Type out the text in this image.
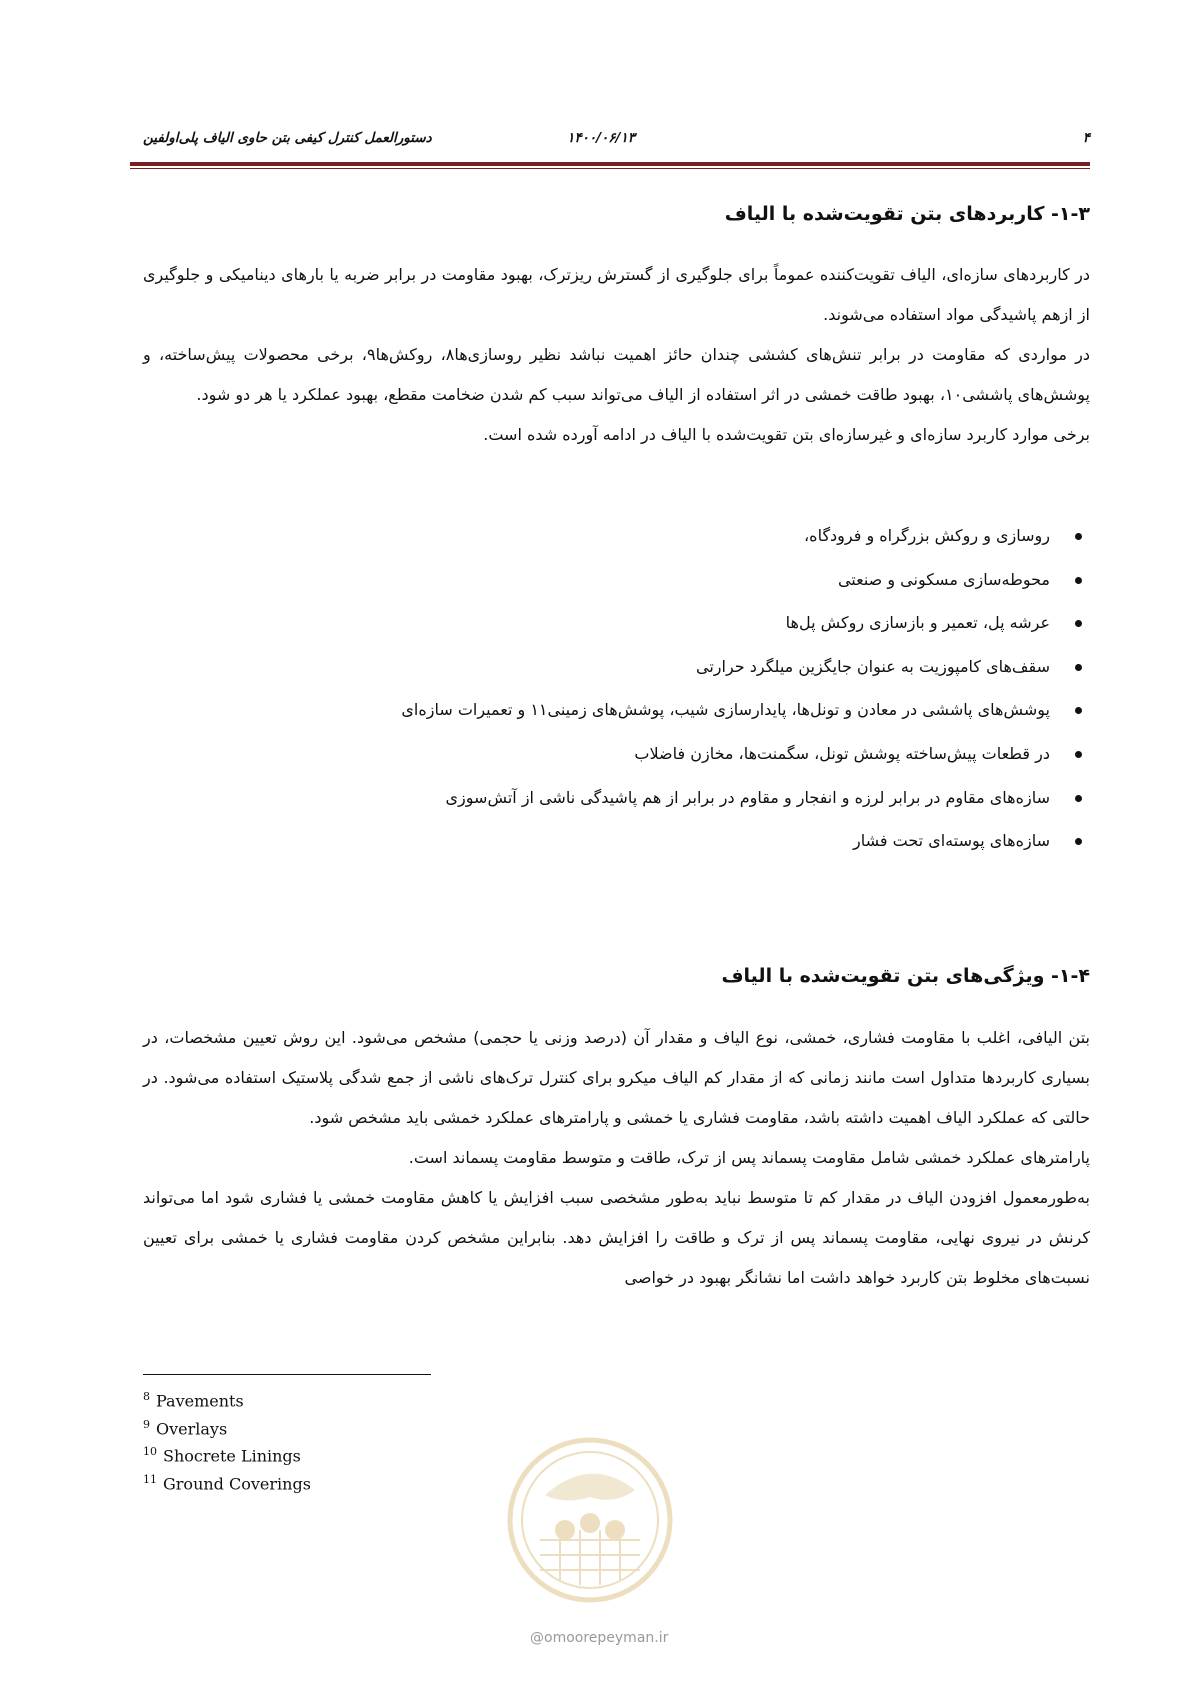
۴
۱۴۰۰/۰۶/۱۳
دستورالعمل کنترل کیفی بتن حاوی الیاف پلی‌اولفین
۱-۳- کاربردهای بتن تقویت‌شده با الیاف

در کاربردهای سازه‌ای، الیاف تقویت‌کننده عموماً برای جلوگیری از گسترش ریزترک، بهبود مقاومت در برابر ضربه یا بارهای دینامیکی و جلوگیری از ازهم پاشیدگی مواد استفاده می‌شوند.

در مواردی که مقاومت در برابر تنش‌های کششی چندان حائز اهمیت نباشد نظیر روسازی‌ها۸، روکش‌ها۹، برخی محصولات پیش‌ساخته، و پوشش‌های پاششی۱۰، بهبود طاقت خمشی در اثر استفاده از الیاف می‌تواند سبب کم شدن ضخامت مقطع، بهبود عملکرد یا هر دو شود.

برخی موارد کاربرد سازه‌ای و غیرسازه‌ای بتن تقویت‌شده با الیاف در ادامه آورده شده است.

روسازی و روکش بزرگراه و فرودگاه،
محوطه‌سازی مسکونی و صنعتی
عرشه پل، تعمیر و بازسازی روکش پل‌ها
سقف‌های کامپوزیت به عنوان جایگزین میلگرد حرارتی
پوشش‌های پاششی در معادن و تونل‌ها، پایدارسازی شیب، پوشش‌های زمینی۱۱ و تعمیرات سازه‌ای
در قطعات پیش‌ساخته پوشش تونل، سگمنت‌ها، مخازن فاضلاب
سازه‌های مقاوم در برابر لرزه و انفجار و مقاوم در برابر از هم پاشیدگی ناشی از آتش‌سوزی
سازه‌های پوسته‌ای تحت فشار
۱-۴- ویژگی‌های بتن تقویت‌شده با الیاف

بتن الیافی، اغلب با مقاومت فشاری، خمشی، نوع الیاف و مقدار آن (درصد وزنی یا حجمی) مشخص می‌شود. این روش تعیین مشخصات، در بسیاری کاربردها متداول است مانند زمانی که از مقدار کم الیاف میکرو برای کنترل ترک‌های ناشی از جمع شدگی پلاستیک استفاده می‌شود. در حالتی که عملکرد الیاف اهمیت داشته باشد، مقاومت فشاری یا خمشی و پارامترهای عملکرد خمشی باید مشخص شود.

پارامترهای عملکرد خمشی شامل مقاومت پسماند پس از ترک، طاقت و متوسط مقاومت پسماند است.

به‌طورمعمول افزودن الیاف در مقدار کم تا متوسط نباید به‌طور مشخصی سبب افزایش یا کاهش مقاومت خمشی یا فشاری شود اما می‌تواند کرنش در نیروی نهایی، مقاومت پسماند پس از ترک و طاقت را افزایش دهد. بنابراین مشخص کردن مقاومت فشاری یا خمشی برای تعیین نسبت‌های مخلوط بتن کاربرد خواهد داشت اما نشانگر بهبود در خواصی

$^8$ Pavements
$^9$ Overlays
$^{10}$ Shocrete Linings
$^{11}$ Ground Coverings
@omoorepeyman.ir
